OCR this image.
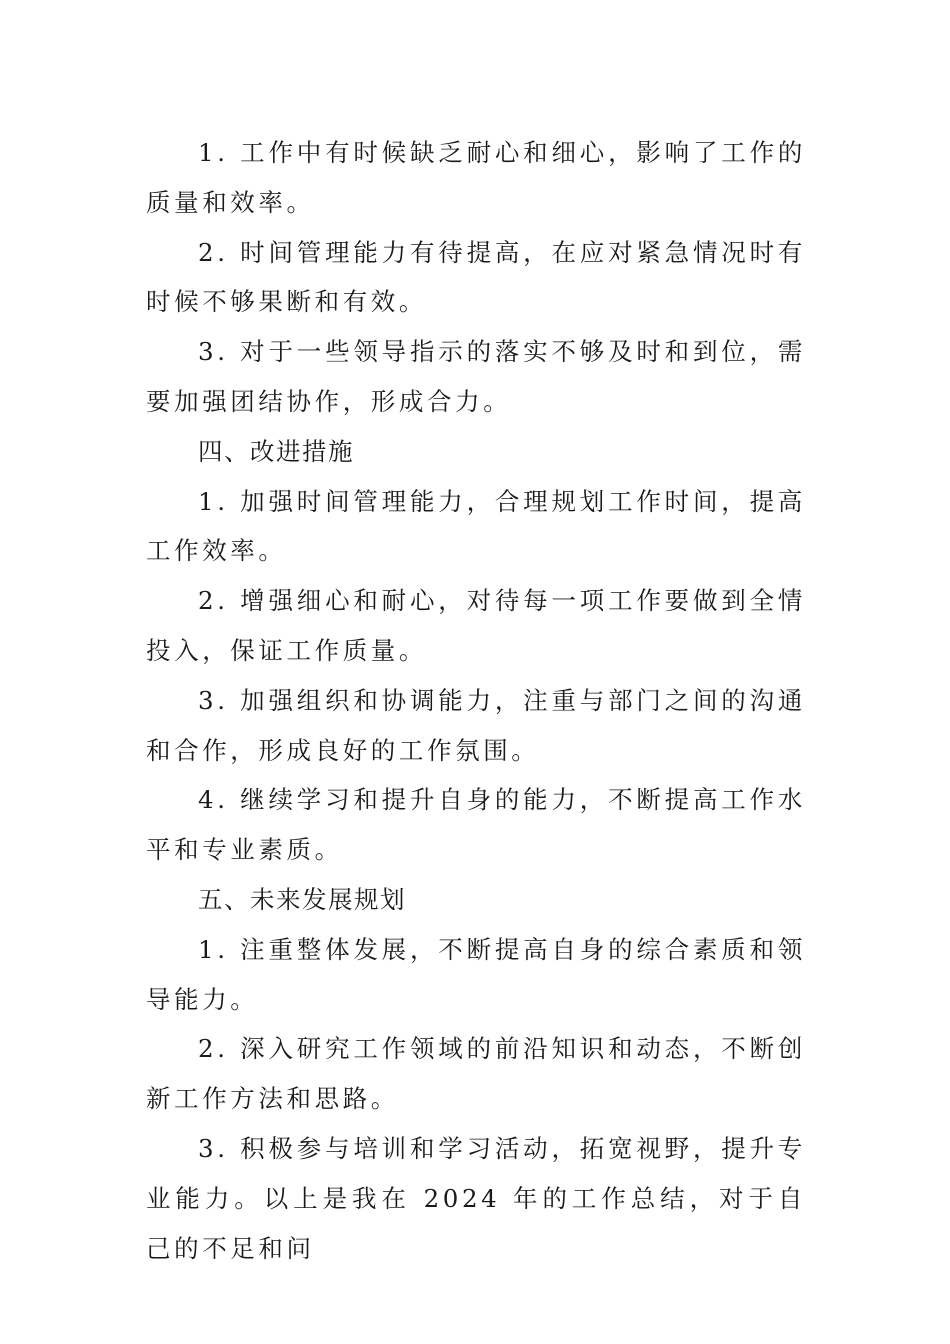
1. 工作中有时候缺乏耐心和细心，影响了工作的质量和效率。

2. 时间管理能力有待提高，在应对紧急情况时有时候不够果断和有效。

3. 对于一些领导指示的落实不够及时和到位，需要加强团结协作，形成合力。

四、改进措施

1. 加强时间管理能力，合理规划工作时间，提高工作效率。

2. 增强细心和耐心，对待每一项工作要做到全情投入，保证工作质量。

3. 加强组织和协调能力，注重与部门之间的沟通和合作，形成良好的工作氛围。

4. 继续学习和提升自身的能力，不断提高工作水平和专业素质。

五、未来发展规划

1. 注重整体发展，不断提高自身的综合素质和领导能力。

2. 深入研究工作领域的前沿知识和动态，不断创新工作方法和思路。

3. 积极参与培训和学习活动，拓宽视野，提升专业能力。以上是我在 2024 年的工作总结，对于自己的不足和问
